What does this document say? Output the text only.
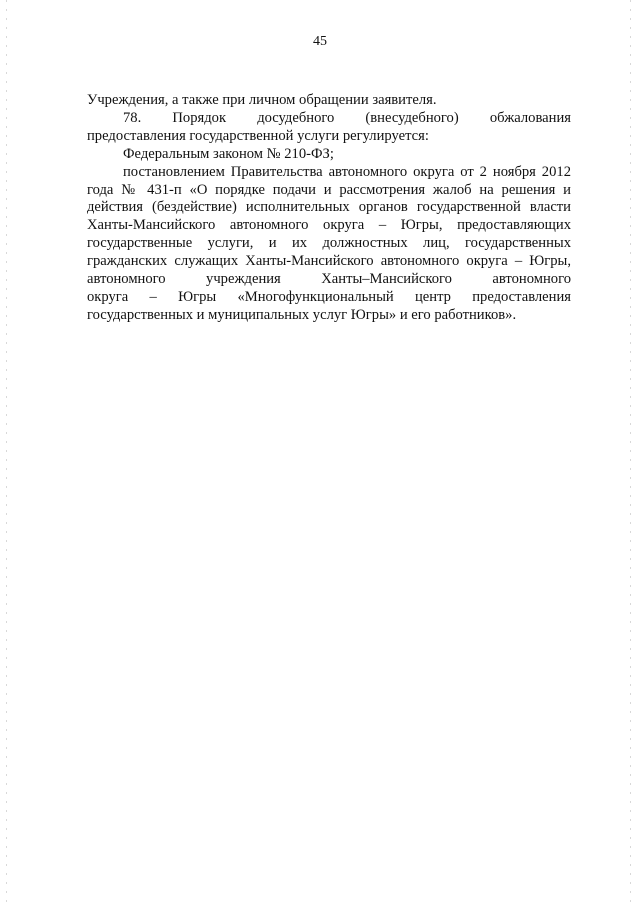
45
Учреждения, а также при личном обращении заявителя.
78. Порядок досудебного (внесудебного) обжалования
предоставления государственной услуги регулируется:
Федеральным законом № 210-ФЗ;
постановлением Правительства автономного округа от 2 ноября 2012
года № 431-п «О порядке подачи и рассмотрения жалоб на решения и
действия (бездействие) исполнительных органов государственной власти
Ханты-Мансийского автономного округа – Югры, предоставляющих
государственные услуги, и их должностных лиц, государственных
гражданских служащих Ханты-Мансийского автономного округа – Югры,
автономного учреждения Ханты–Мансийского автономного
округа – Югры «Многофункциональный центр предоставления
государственных и муниципальных услуг Югры» и его работников».
